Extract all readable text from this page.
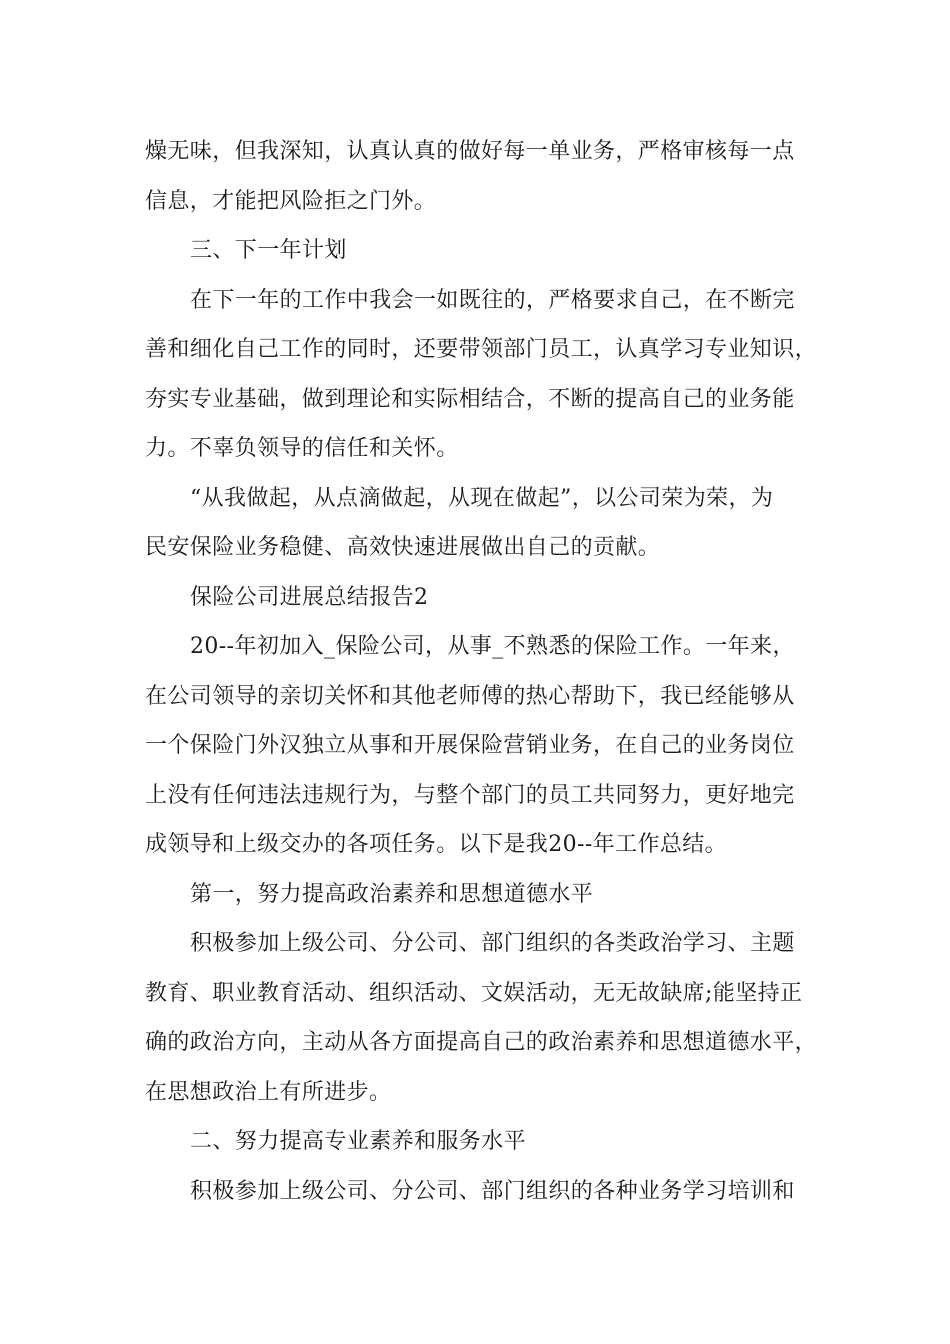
燥无味，但我深知，认真认真的做好每一单业务，严格审核每一点
信息，才能把风险拒之门外。
三、下一年计划
在下一年的工作中我会一如既往的，严格要求自己，在不断完
善和细化自己工作的同时，还要带领部门员工，认真学习专业知识，
夯实专业基础，做到理论和实际相结合，不断的提高自己的业务能
力。不辜负领导的信任和关怀。
“从我做起，从点滴做起，从现在做起”，以公司荣为荣，为
民安保险业务稳健、高效快速进展做出自己的贡献。
保险公司进展总结报告2
20--年初加入_保险公司，从事_不熟悉的保险工作。一年来，
在公司领导的亲切关怀和其他老师傅的热心帮助下，我已经能够从
一个保险门外汉独立从事和开展保险营销业务，在自己的业务岗位
上没有任何违法违规行为，与整个部门的员工共同努力，更好地完
成领导和上级交办的各项任务。以下是我20--年工作总结。
第一，努力提高政治素养和思想道德水平
积极参加上级公司、分公司、部门组织的各类政治学习、主题
教育、职业教育活动、组织活动、文娱活动，无无故缺席;能坚持正
确的政治方向，主动从各方面提高自己的政治素养和思想道德水平，
在思想政治上有所进步。
二、努力提高专业素养和服务水平
积极参加上级公司、分公司、部门组织的各种业务学习培训和
